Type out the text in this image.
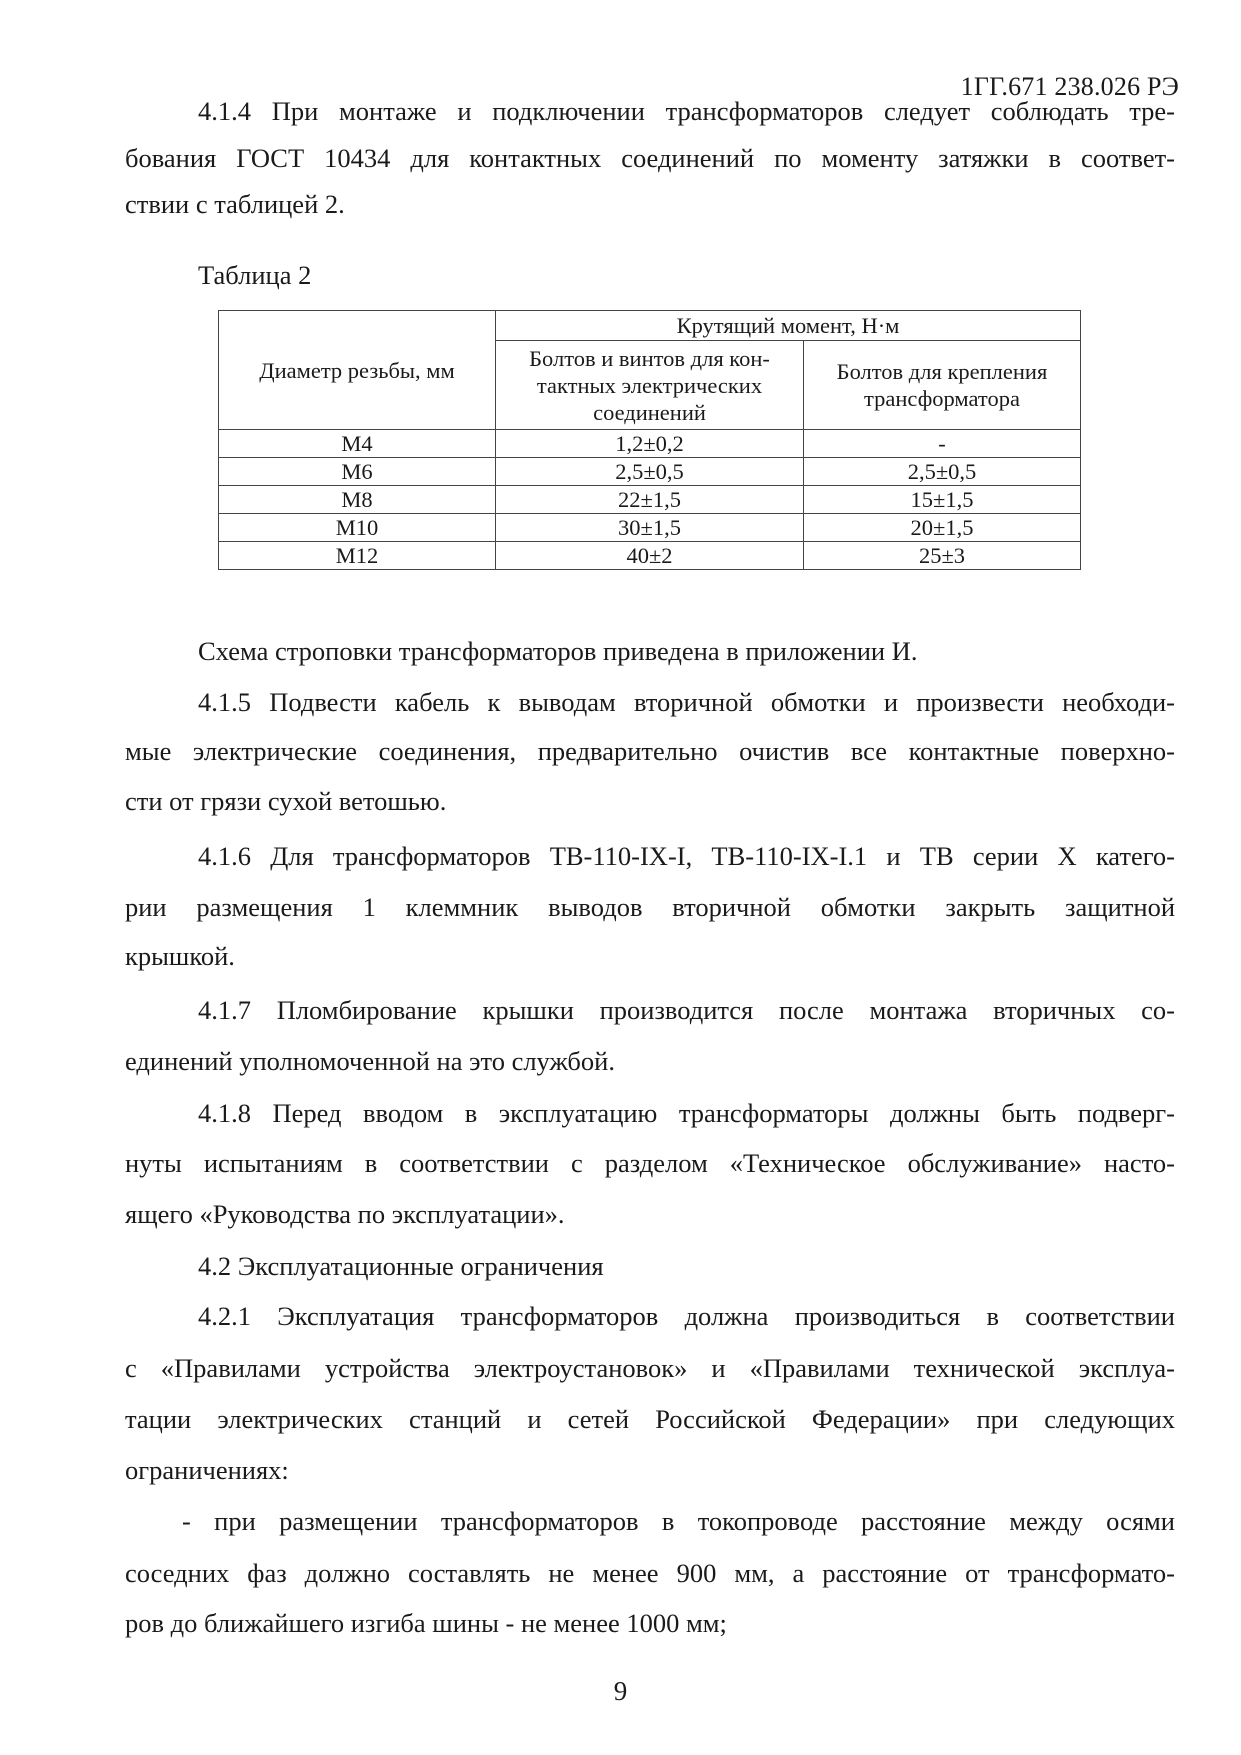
1ГГ.671 238.026 РЭ
4.1.4 При монтаже и подключении трансформаторов следует соблюдать тре-
бования ГОСТ 10434 для контактных соединений по моменту затяжки в соответ-
ствии с таблицей 2.
Таблица 2
Диаметр резьбы, мм	Крутящий момент, Н·м	
	Болтов и винтов для кон- тактных электрических соединений	Болтов для крепления трансформатора
М4	1,2±0,2	-
М6	2,5±0,5	2,5±0,5
М8	22±1,5	15±1,5
М10	30±1,5	20±1,5
М12	40±2	25±3
Схема строповки трансформаторов приведена в приложении И.
4.1.5 Подвести кабель к выводам вторичной обмотки и произвести необходи-
мые электрические соединения, предварительно очистив все контактные поверхно-
сти от грязи сухой ветошью.
4.1.6 Для трансформаторов ТВ-110-IX-I, ТВ-110-IX-I.1 и ТВ серии X катего-
рии размещения 1 клеммник выводов вторичной обмотки закрыть защитной
крышкой.
4.1.7 Пломбирование крышки производится после монтажа вторичных со-
единений уполномоченной на это службой.
4.1.8 Перед вводом в эксплуатацию трансформаторы должны быть подверг-
нуты испытаниям в соответствии с разделом «Техническое обслуживание» насто-
ящего «Руководства по эксплуатации».
4.2 Эксплуатационные ограничения
4.2.1 Эксплуатация трансформаторов должна производиться в соответствии
с «Правилами устройства электроустановок» и «Правилами технической эксплуа-
тации электрических станций и сетей Российской Федерации» при следующих
ограничениях:
- при размещении трансформаторов в токопроводе расстояние между осями
соседних фаз должно составлять не менее 900 мм, а расстояние от трансформато-
ров до ближайшего изгиба шины - не менее 1000 мм;
9
